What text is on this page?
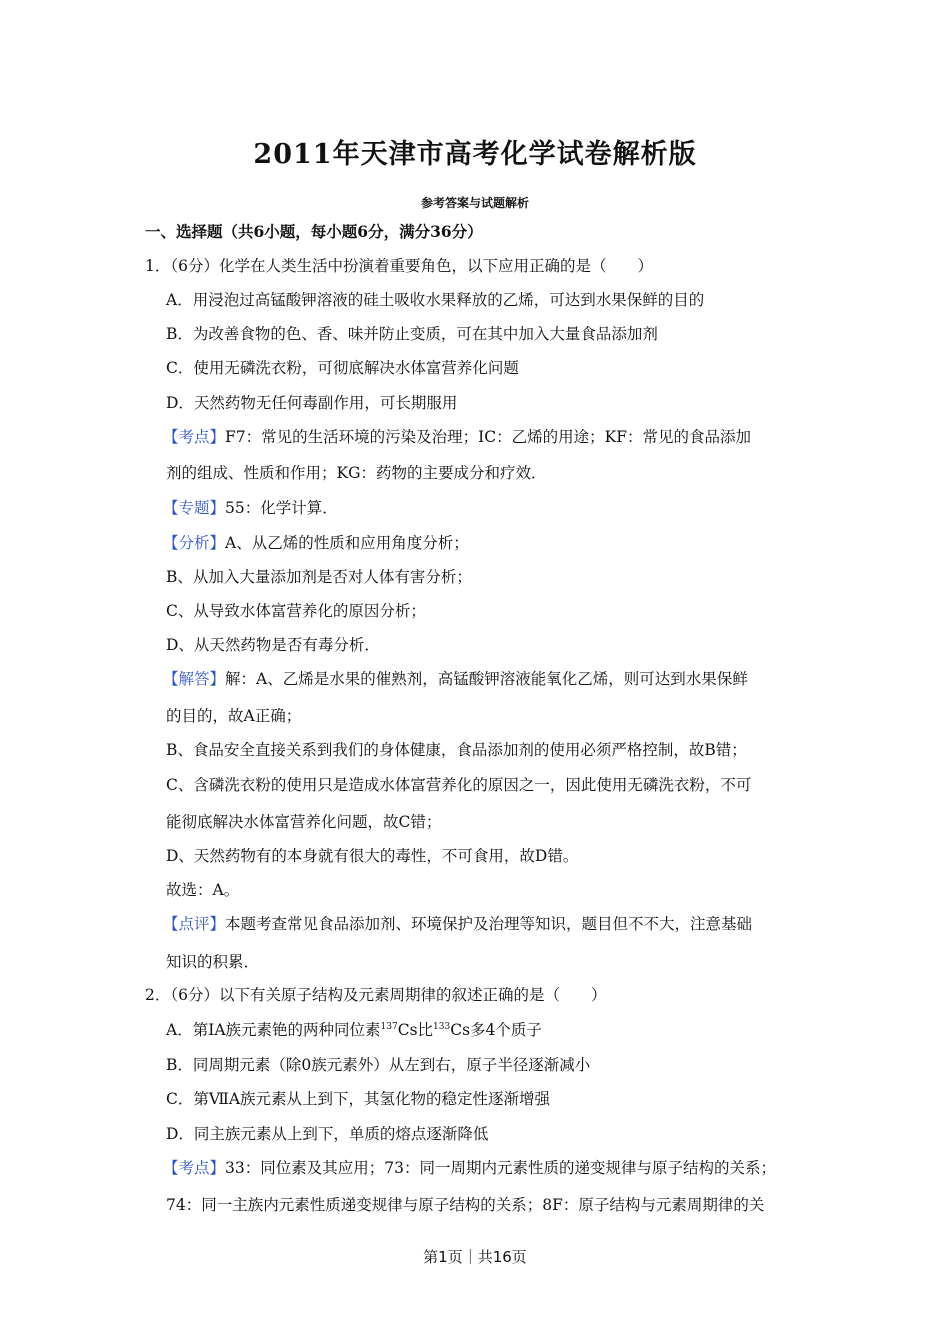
2011年天津市高考化学试卷解析版
参考答案与试题解析
一、选择题（共6小题，每小题6分，满分36分）
1．（6分）化学在人类生活中扮演着重要角色，以下应用正确的是（　　）
A．用浸泡过高锰酸钾溶液的硅土吸收水果释放的乙烯，可达到水果保鲜的目的
B．为改善食物的色、香、味并防止变质，可在其中加入大量食品添加剂
C．使用无磷洗衣粉，可彻底解决水体富营养化问题
D．天然药物无任何毒副作用，可长期服用
【考点】F7：常见的生活环境的污染及治理；IC：乙烯的用途；KF：常见的食品添加
剂的组成、性质和作用；KG：药物的主要成分和疗效．
【专题】55：化学计算．
【分析】A、从乙烯的性质和应用角度分析；
B、从加入大量添加剂是否对人体有害分析；
C、从导致水体富营养化的原因分析；
D、从天然药物是否有毒分析．
【解答】解：A、乙烯是水果的催熟剂，高锰酸钾溶液能氧化乙烯，则可达到水果保鲜
的目的，故A正确；
B、食品安全直接关系到我们的身体健康，食品添加剂的使用必须严格控制，故B错；
C、含磷洗衣粉的使用只是造成水体富营养化的原因之一，因此使用无磷洗衣粉，不可
能彻底解决水体富营养化问题，故C错；
D、天然药物有的本身就有很大的毒性，不可食用，故D错。
故选：A。
【点评】本题考查常见食品添加剂、环境保护及治理等知识，题目但不不大，注意基础
知识的积累．
2．（6分）以下有关原子结构及元素周期律的叙述正确的是（　　）
A．第IA族元素铯的两种同位素$^{137}$Cs比$^{133}$Cs多4个质子
B．同周期元素（除0族元素外）从左到右，原子半径逐渐减小
C．第ⅦA族元素从上到下，其氢化物的稳定性逐渐增强
D．同主族元素从上到下，单质的熔点逐渐降低
【考点】33：同位素及其应用；73：同一周期内元素性质的递变规律与原子结构的关系；
74：同一主族内元素性质递变规律与原子结构的关系；8F：原子结构与元素周期律的关
第1页｜共16页
